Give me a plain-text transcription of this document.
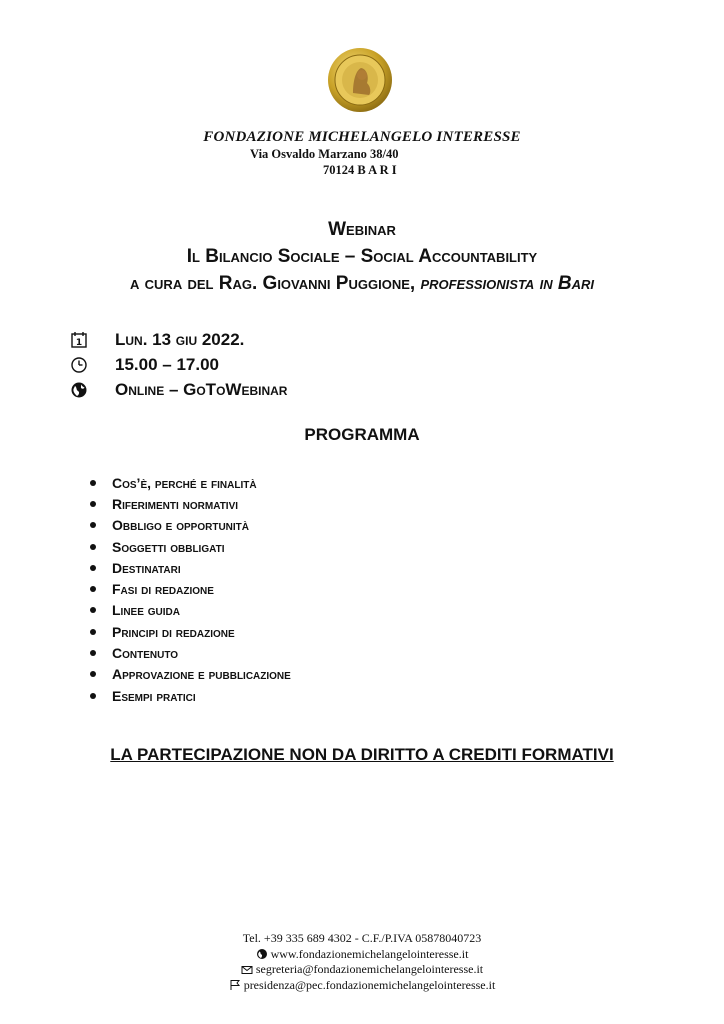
FONDAZIONE MICHELANGELO INTERESSE
Via Osvaldo Marzano 38/40
70124 B A R I
Webinar
Il Bilancio Sociale – Social Accountability
a cura del Rag. Giovanni Puggione, professionista in Bari
1 Lun. 13 giu 2022.
15.00 – 17.00
Online – GoToWebinar
PROGRAMMA
Cos’è, perché e finalità
Riferimenti normativi
Obbligo e opportunità
Soggetti obbligati
Destinatari
Fasi di redazione
Linee guida
Principi di redazione
Contenuto
Approvazione e pubblicazione
Esempi pratici
LA PARTECIPAZIONE NON DA DIRITTO A CREDITI FORMATIVI
Tel. +39 335 689 4302 - C.F./P.IVA 05878040723
www.fondazionemichelangelointeresse.it
segreteria@fondazionemichelangelointeresse.it
presidenza@pec.fondazionemichelangelointeresse.it
